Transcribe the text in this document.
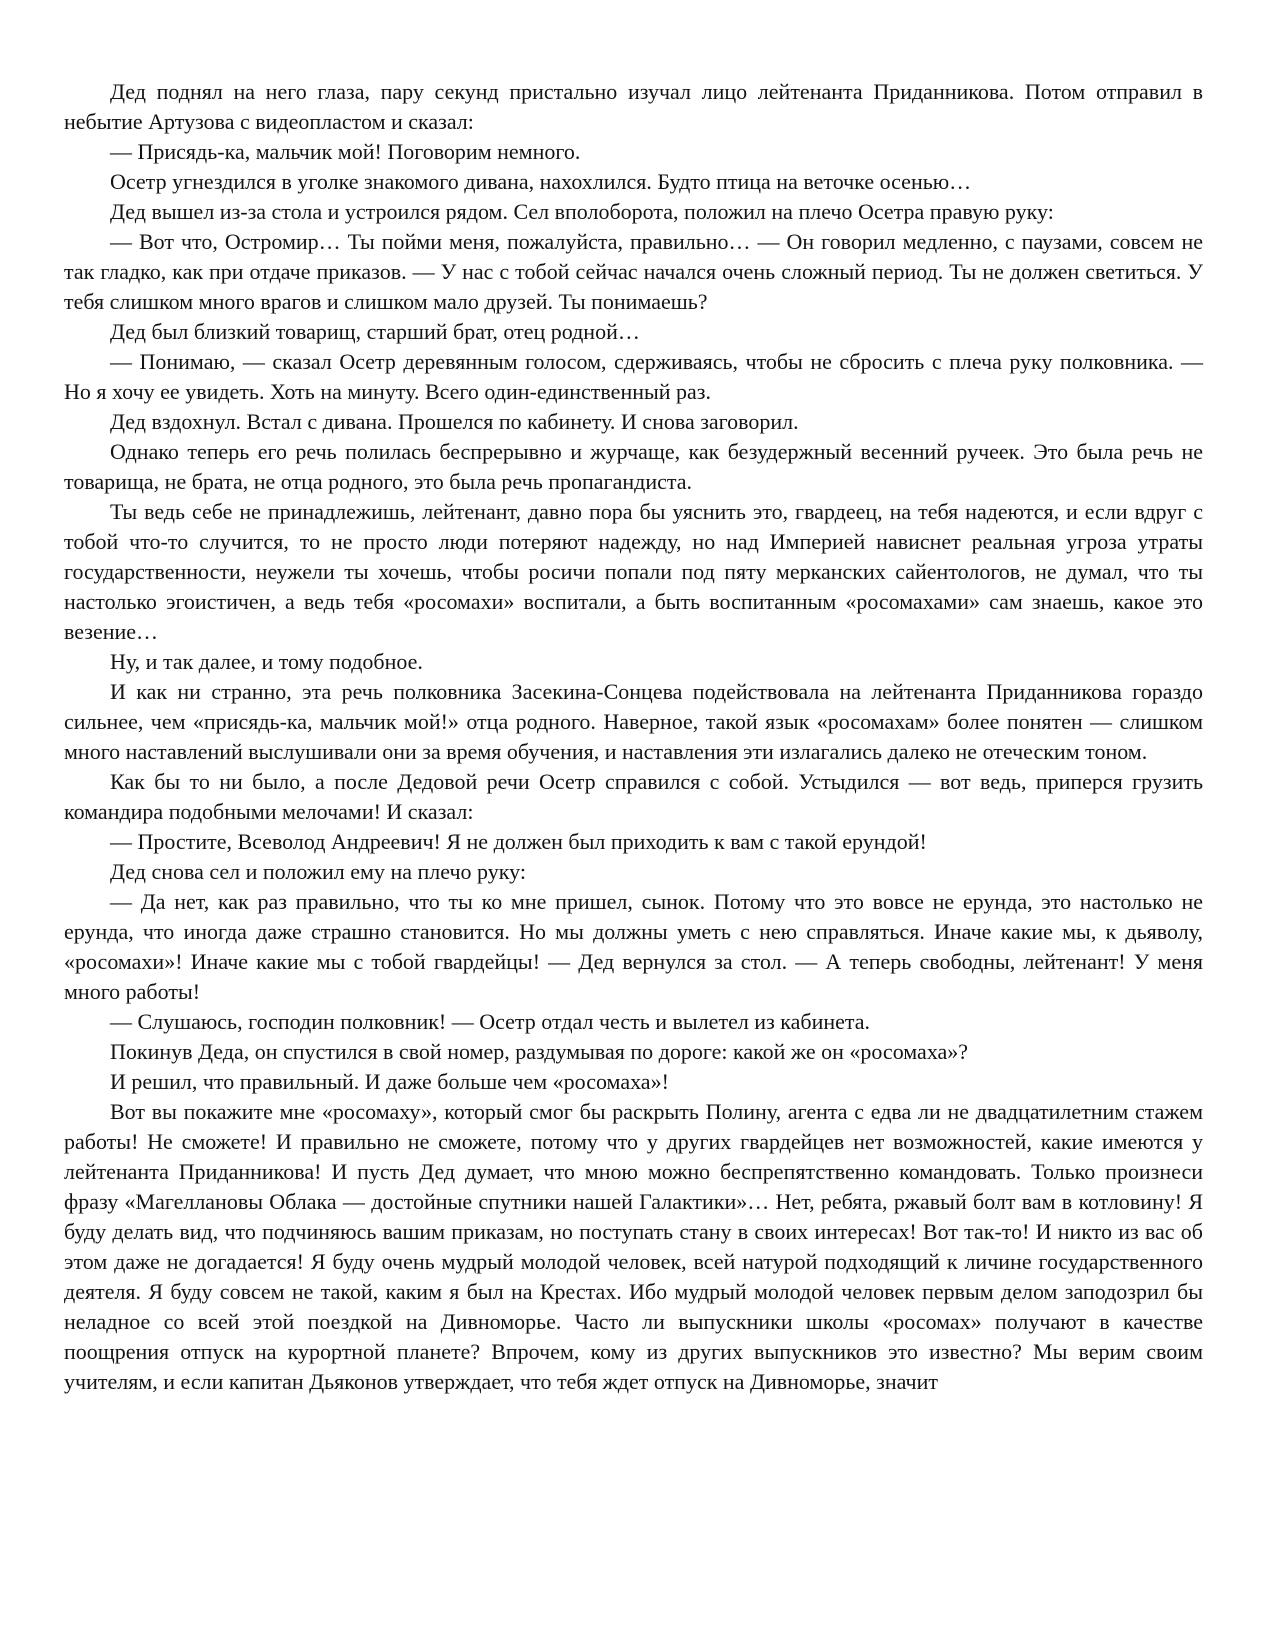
Дед поднял на него глаза, пару секунд пристально изучал лицо лейтенанта Приданникова. Потом отправил в небытие Артузова с видеопластом и сказал:

— Присядь-ка, мальчик мой! Поговорим немного.

Осетр угнездился в уголке знакомого дивана, нахохлился. Будто птица на веточке осенью…

Дед вышел из-за стола и устроился рядом. Сел вполоборота, положил на плечо Осетра правую руку:

— Вот что, Остромир… Ты пойми меня, пожалуйста, правильно… — Он говорил медленно, с паузами, совсем не так гладко, как при отдаче приказов. — У нас с тобой сейчас начался очень сложный период. Ты не должен светиться. У тебя слишком много врагов и слишком мало друзей. Ты понимаешь?

Дед был близкий товарищ, старший брат, отец родной…

— Понимаю, — сказал Осетр деревянным голосом, сдерживаясь, чтобы не сбросить с плеча руку полковника. — Но я хочу ее увидеть. Хоть на минуту. Всего один-единственный раз.

Дед вздохнул. Встал с дивана. Прошелся по кабинету. И снова заговорил.

Однако теперь его речь полилась беспрерывно и журчаще, как безудержный весенний ручеек. Это была речь не товарища, не брата, не отца родного, это была речь пропагандиста.

Ты ведь себе не принадлежишь, лейтенант, давно пора бы уяснить это, гвардеец, на тебя надеются, и если вдруг с тобой что-то случится, то не просто люди потеряют надежду, но над Империей нависнет реальная угроза утраты государственности, неужели ты хочешь, чтобы росичи попали под пяту мерканских сайентологов, не думал, что ты настолько эгоистичен, а ведь тебя «росомахи» воспитали, а быть воспитанным «росомахами» сам знаешь, какое это везение…

Ну, и так далее, и тому подобное.

И как ни странно, эта речь полковника Засекина-Сонцева подействовала на лейтенанта Приданникова гораздо сильнее, чем «присядь-ка, мальчик мой!» отца родного. Наверное, такой язык «росомахам» более понятен — слишком много наставлений выслушивали они за время обучения, и наставления эти излагались далеко не отеческим тоном.

Как бы то ни было, а после Дедовой речи Осетр справился с собой. Устыдился — вот ведь, приперся грузить командира подобными мелочами! И сказал:

— Простите, Всеволод Андреевич! Я не должен был приходить к вам с такой ерундой!

Дед снова сел и положил ему на плечо руку:

— Да нет, как раз правильно, что ты ко мне пришел, сынок. Потому что это вовсе не ерунда, это настолько не ерунда, что иногда даже страшно становится. Но мы должны уметь с нею справляться. Иначе какие мы, к дьяволу, «росомахи»! Иначе какие мы с тобой гвардейцы! — Дед вернулся за стол. — А теперь свободны, лейтенант! У меня много работы!

— Слушаюсь, господин полковник! — Осетр отдал честь и вылетел из кабинета.

Покинув Деда, он спустился в свой номер, раздумывая по дороге: какой же он «росомаха»?

И решил, что правильный. И даже больше чем «росомаха»!

Вот вы покажите мне «росомаху», который смог бы раскрыть Полину, агента с едва ли не двадцатилетним стажем работы! Не сможете! И правильно не сможете, потому что у других гвардейцев нет возможностей, какие имеются у лейтенанта Приданникова! И пусть Дед думает, что мною можно беспрепятственно командовать. Только произнеси фразу «Магеллановы Облака — достойные спутники нашей Галактики»… Нет, ребята, ржавый болт вам в котловину! Я буду делать вид, что подчиняюсь вашим приказам, но поступать стану в своих интересах! Вот так-то! И никто из вас об этом даже не догадается! Я буду очень мудрый молодой человек, всей натурой подходящий к личине государственного деятеля. Я буду совсем не такой, каким я был на Крестах. Ибо мудрый молодой человек первым делом заподозрил бы неладное со всей этой поездкой на Дивноморье. Часто ли выпускники школы «росомах» получают в качестве поощрения отпуск на курортной планете? Впрочем, кому из других выпускников это известно? Мы верим своим учителям, и если капитан Дьяконов утверждает, что тебя ждет отпуск на Дивноморье, значит
